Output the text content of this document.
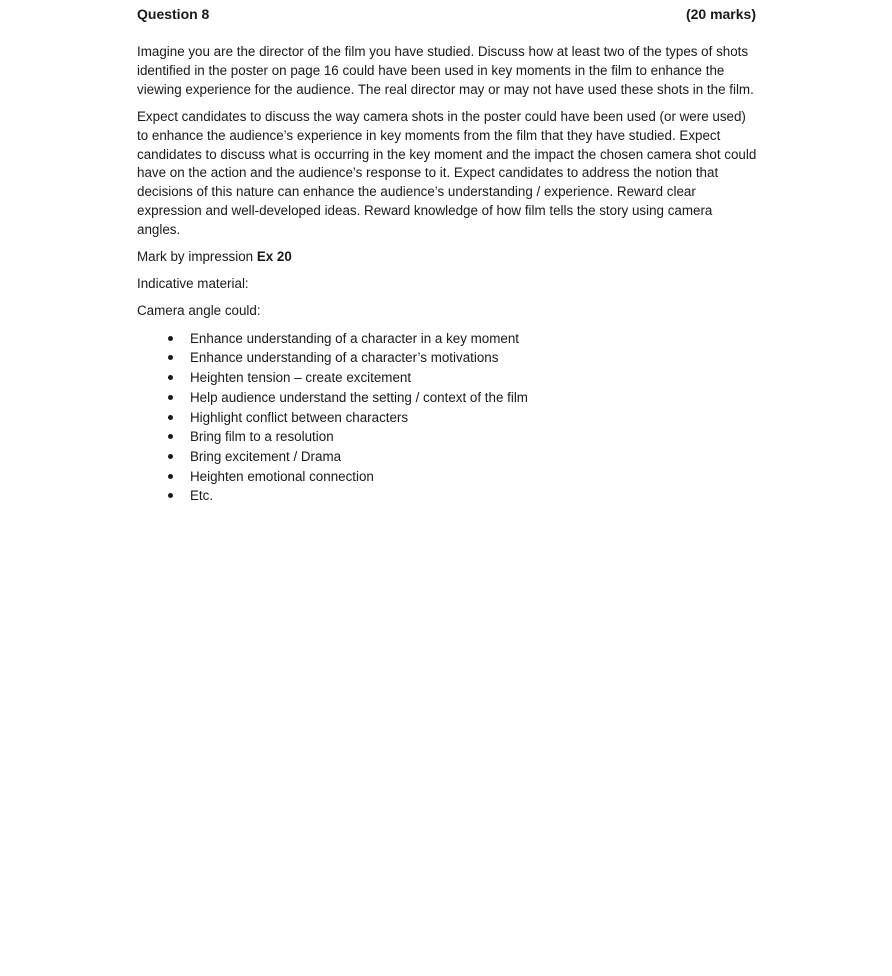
Question 8	(20 marks)

Imagine you are the director of the film you have studied. Discuss how at least two of the types of shots identified in the poster on page 16 could have been used in key moments in the film to enhance the viewing experience for the audience. The real director may or may not have used these shots in the film.

Expect candidates to discuss the way camera shots in the poster could have been used (or were used) to enhance the audience’s experience in key moments from the film that they have studied. Expect candidates to discuss what is occurring in the key moment and the impact the chosen camera shot could have on the action and the audience’s response to it. Expect candidates to address the notion that decisions of this nature can enhance the audience’s understanding / experience. Reward clear expression and well-developed ideas. Reward knowledge of how film tells the story using camera angles.

Mark by impression Ex 20

Indicative material:

Camera angle could:

Enhance understanding of a character in a key moment
Enhance understanding of a character’s motivations
Heighten tension – create excitement
Help audience understand the setting / context of the film
Highlight conflict between characters
Bring film to a resolution
Bring excitement / Drama
Heighten emotional connection
Etc.
